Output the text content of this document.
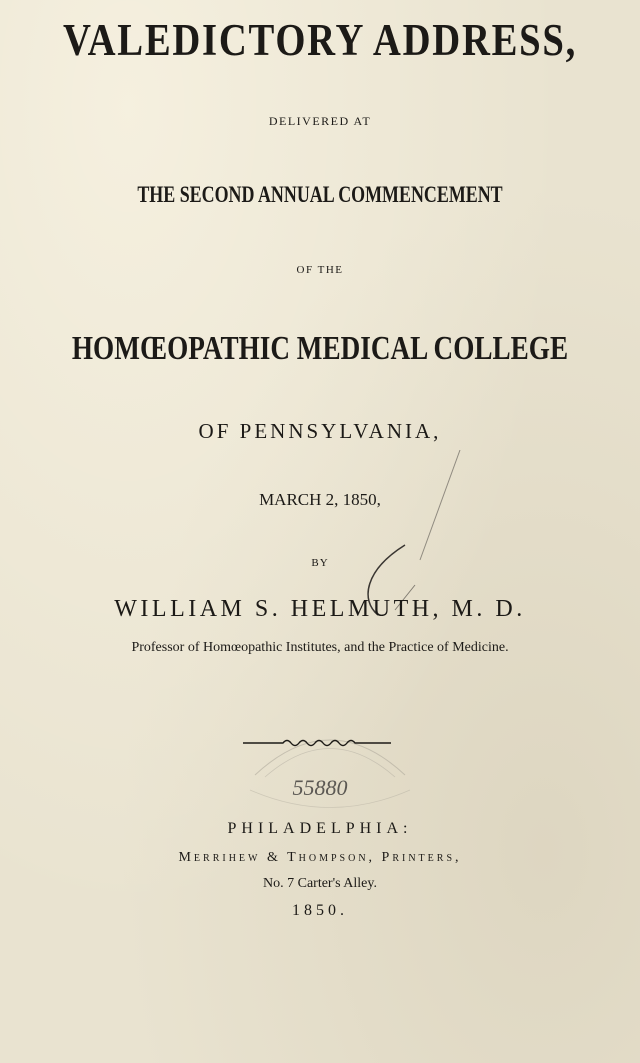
VALEDICTORY ADDRESS,

DELIVERED AT

THE SECOND ANNUAL COMMENCEMENT

OF THE

HOMŒOPATHIC MEDICAL COLLEGE

OF PENNSYLVANIA,

MARCH 2, 1850,

BY

WILLIAM S. HELMUTH, M. D.

Professor of Homœopathic Institutes, and the Practice of Medicine.

55880

PHILADELPHIA:

Merrihew & Thompson, Printers,

No. 7 Carter's Alley.

1850.
